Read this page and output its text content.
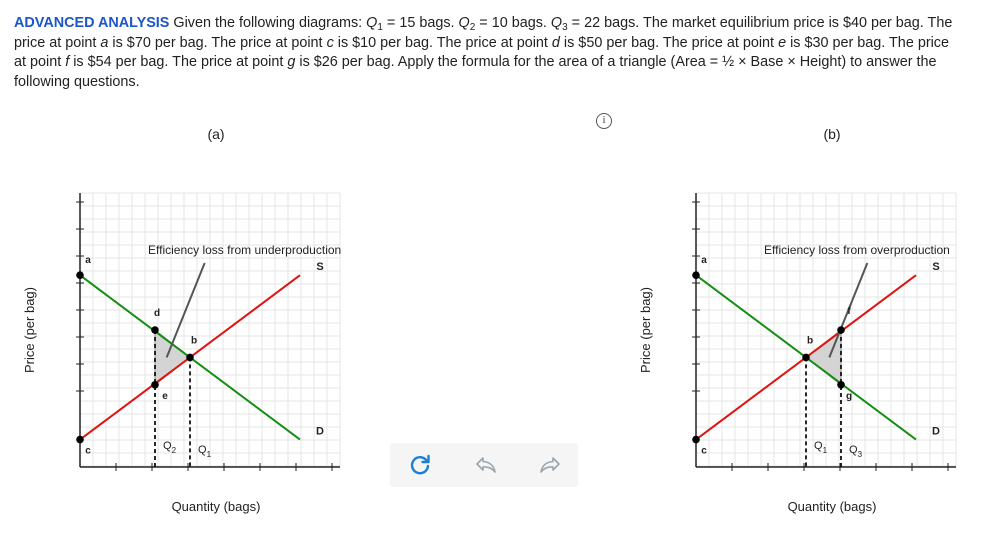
ADVANCED ANALYSIS Given the following diagrams: $Q_1 = 15$ bags. $Q_2 = 10$ bags. $Q_3 = 22$ bags. The market equilibrium price is $40 per bag. The price at point a is $70 per bag. The price at point c is $10 per bag. The price at point d is $50 per bag. The price at point e is $30 per bag. The price at point f is $54 per bag. The price at point g is $26 per bag. Apply the formula for the area of a triangle (Area = ½ × Base × Height) to answer the following questions.

i
(a)
Quantity (bags)
Price (per bag)
S
D
$Q_2$ $Q_1$
Efficiency loss from underproduction
a
c
d
e
b
(b)
Quantity (bags)
Price (per bag)
S
D
$Q_1$ $Q_3$
Efficiency loss from overproduction
a
c
b
f
g
